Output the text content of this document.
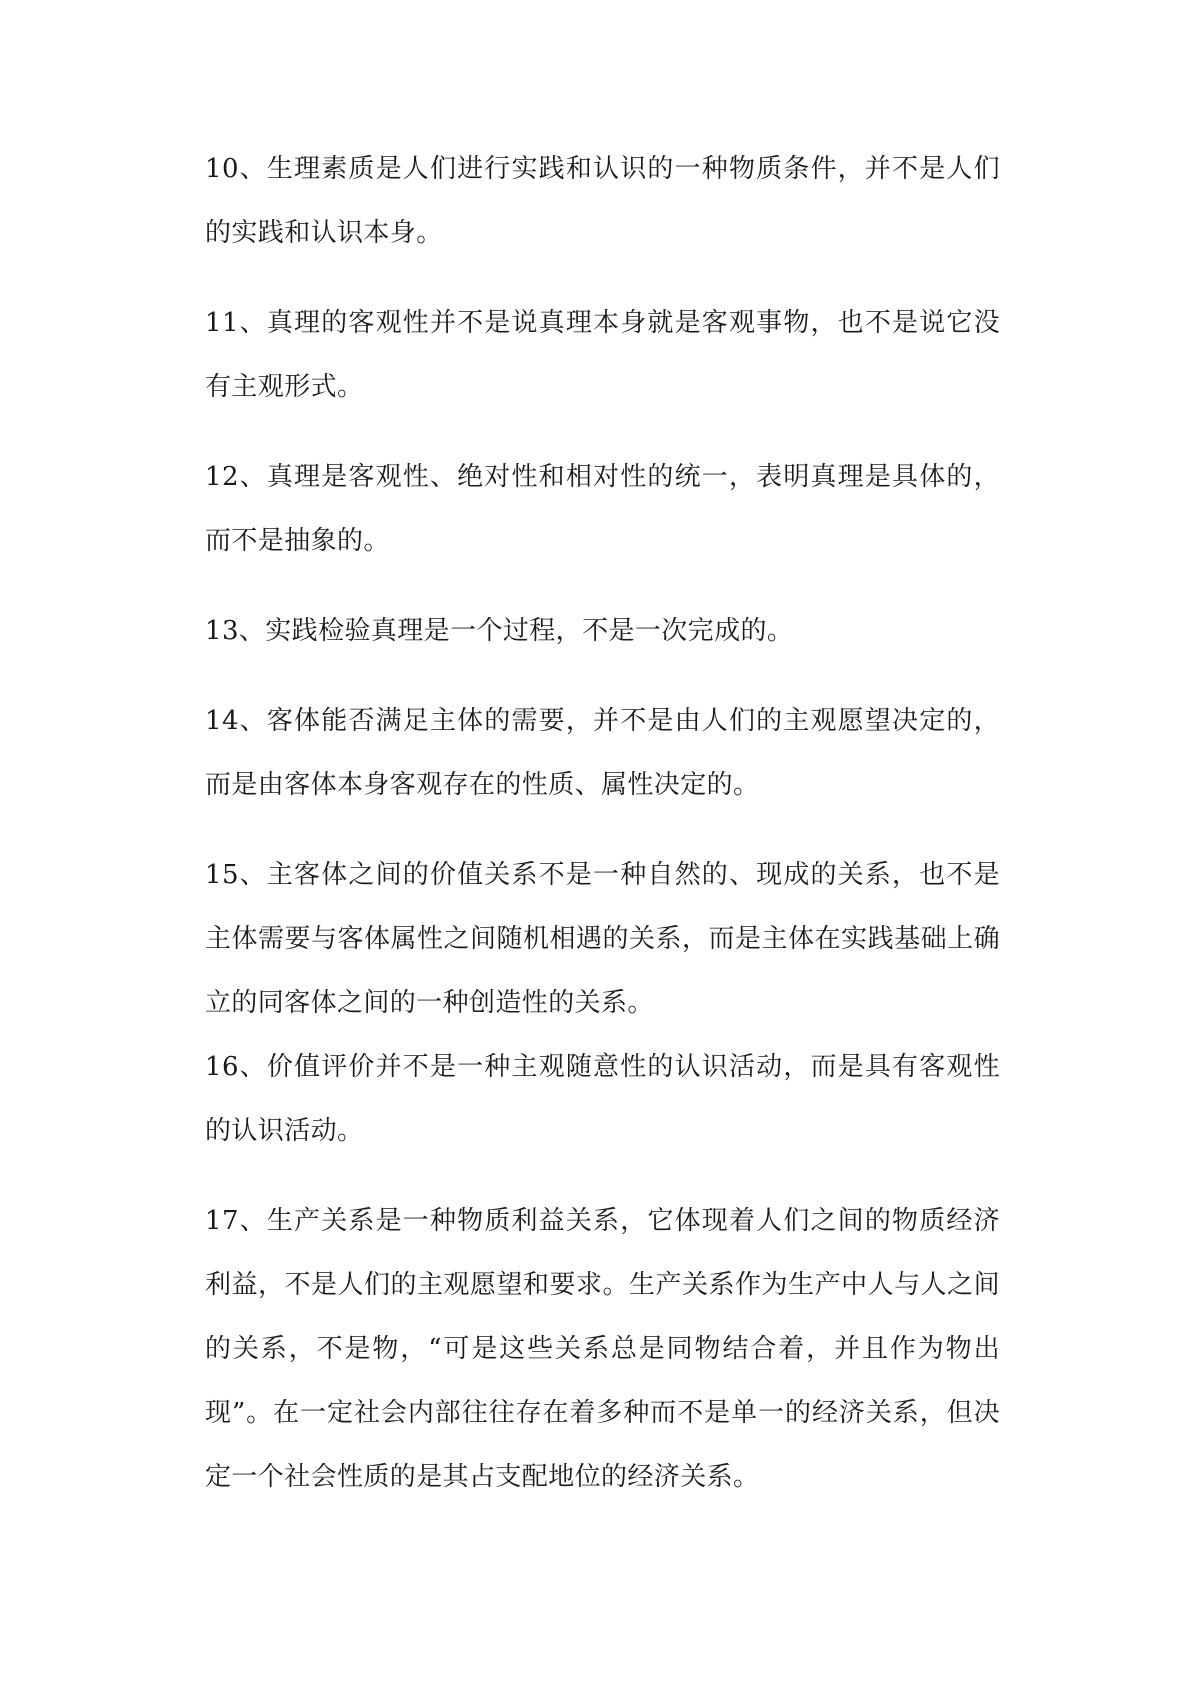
10、生理素质是人们进行实践和认识的一种物质条件，并不是人们的实践和认识本身。

11、真理的客观性并不是说真理本身就是客观事物，也不是说它没有主观形式。

12、真理是客观性、绝对性和相对性的统一，表明真理是具体的，而不是抽象的。

13、实践检验真理是一个过程，不是一次完成的。

14、客体能否满足主体的需要，并不是由人们的主观愿望决定的，而是由客体本身客观存在的性质、属性决定的。

15、主客体之间的价值关系不是一种自然的、现成的关系，也不是主体需要与客体属性之间随机相遇的关系，而是主体在实践基础上确立的同客体之间的一种创造性的关系。

16、价值评价并不是一种主观随意性的认识活动，而是具有客观性的认识活动。

17、生产关系是一种物质利益关系，它体现着人们之间的物质经济利益，不是人们的主观愿望和要求。生产关系作为生产中人与人之间的关系，不是物，“可是这些关系总是同物结合着，并且作为物出现”。在一定社会内部往往存在着多种而不是单一的经济关系，但决定一个社会性质的是其占支配地位的经济关系。
